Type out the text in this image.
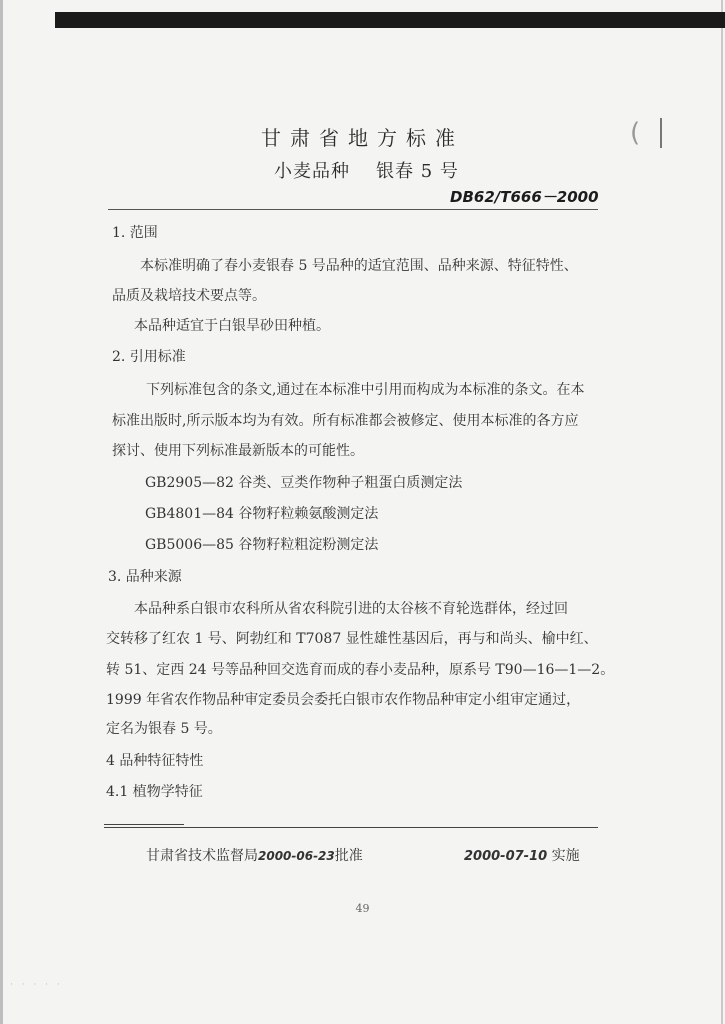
(
· · · · ·
甘肃省地方标准
小麦品种 银春 5 号
DB62/T666－2000
1. 范围
本标准明确了春小麦银春 5 号品种的适宜范围、品种来源、特征特性、
品质及栽培技术要点等。
本品种适宜于白银旱砂田种植。
2. 引用标准
下列标准包含的条文,通过在本标准中引用而构成为本标准的条文。在本
标准出版时,所示版本均为有效。所有标准都会被修定、使用本标准的各方应
探讨、使用下列标准最新版本的可能性。
GB2905—82 谷类、豆类作物种子粗蛋白质测定法
GB4801—84 谷物籽粒赖氨酸测定法
GB5006—85 谷物籽粒粗淀粉测定法
3. 品种来源
本品种系白银市农科所从省农科院引进的太谷核不育轮选群体，经过回
交转移了红农 1 号、阿勃红和 T7087 显性雄性基因后，再与和尚头、榆中红、
转 51、定西 24 号等品种回交选育而成的春小麦品种，原系号 T90—16—1—2。
1999 年省农作物品种审定委员会委托白银市农作物品种审定小组审定通过，
定名为银春 5 号。
4 品种特征特性
4.1 植物学特征
甘肃省技术监督局2000-06-23批准	2000-07-10 实施
49
